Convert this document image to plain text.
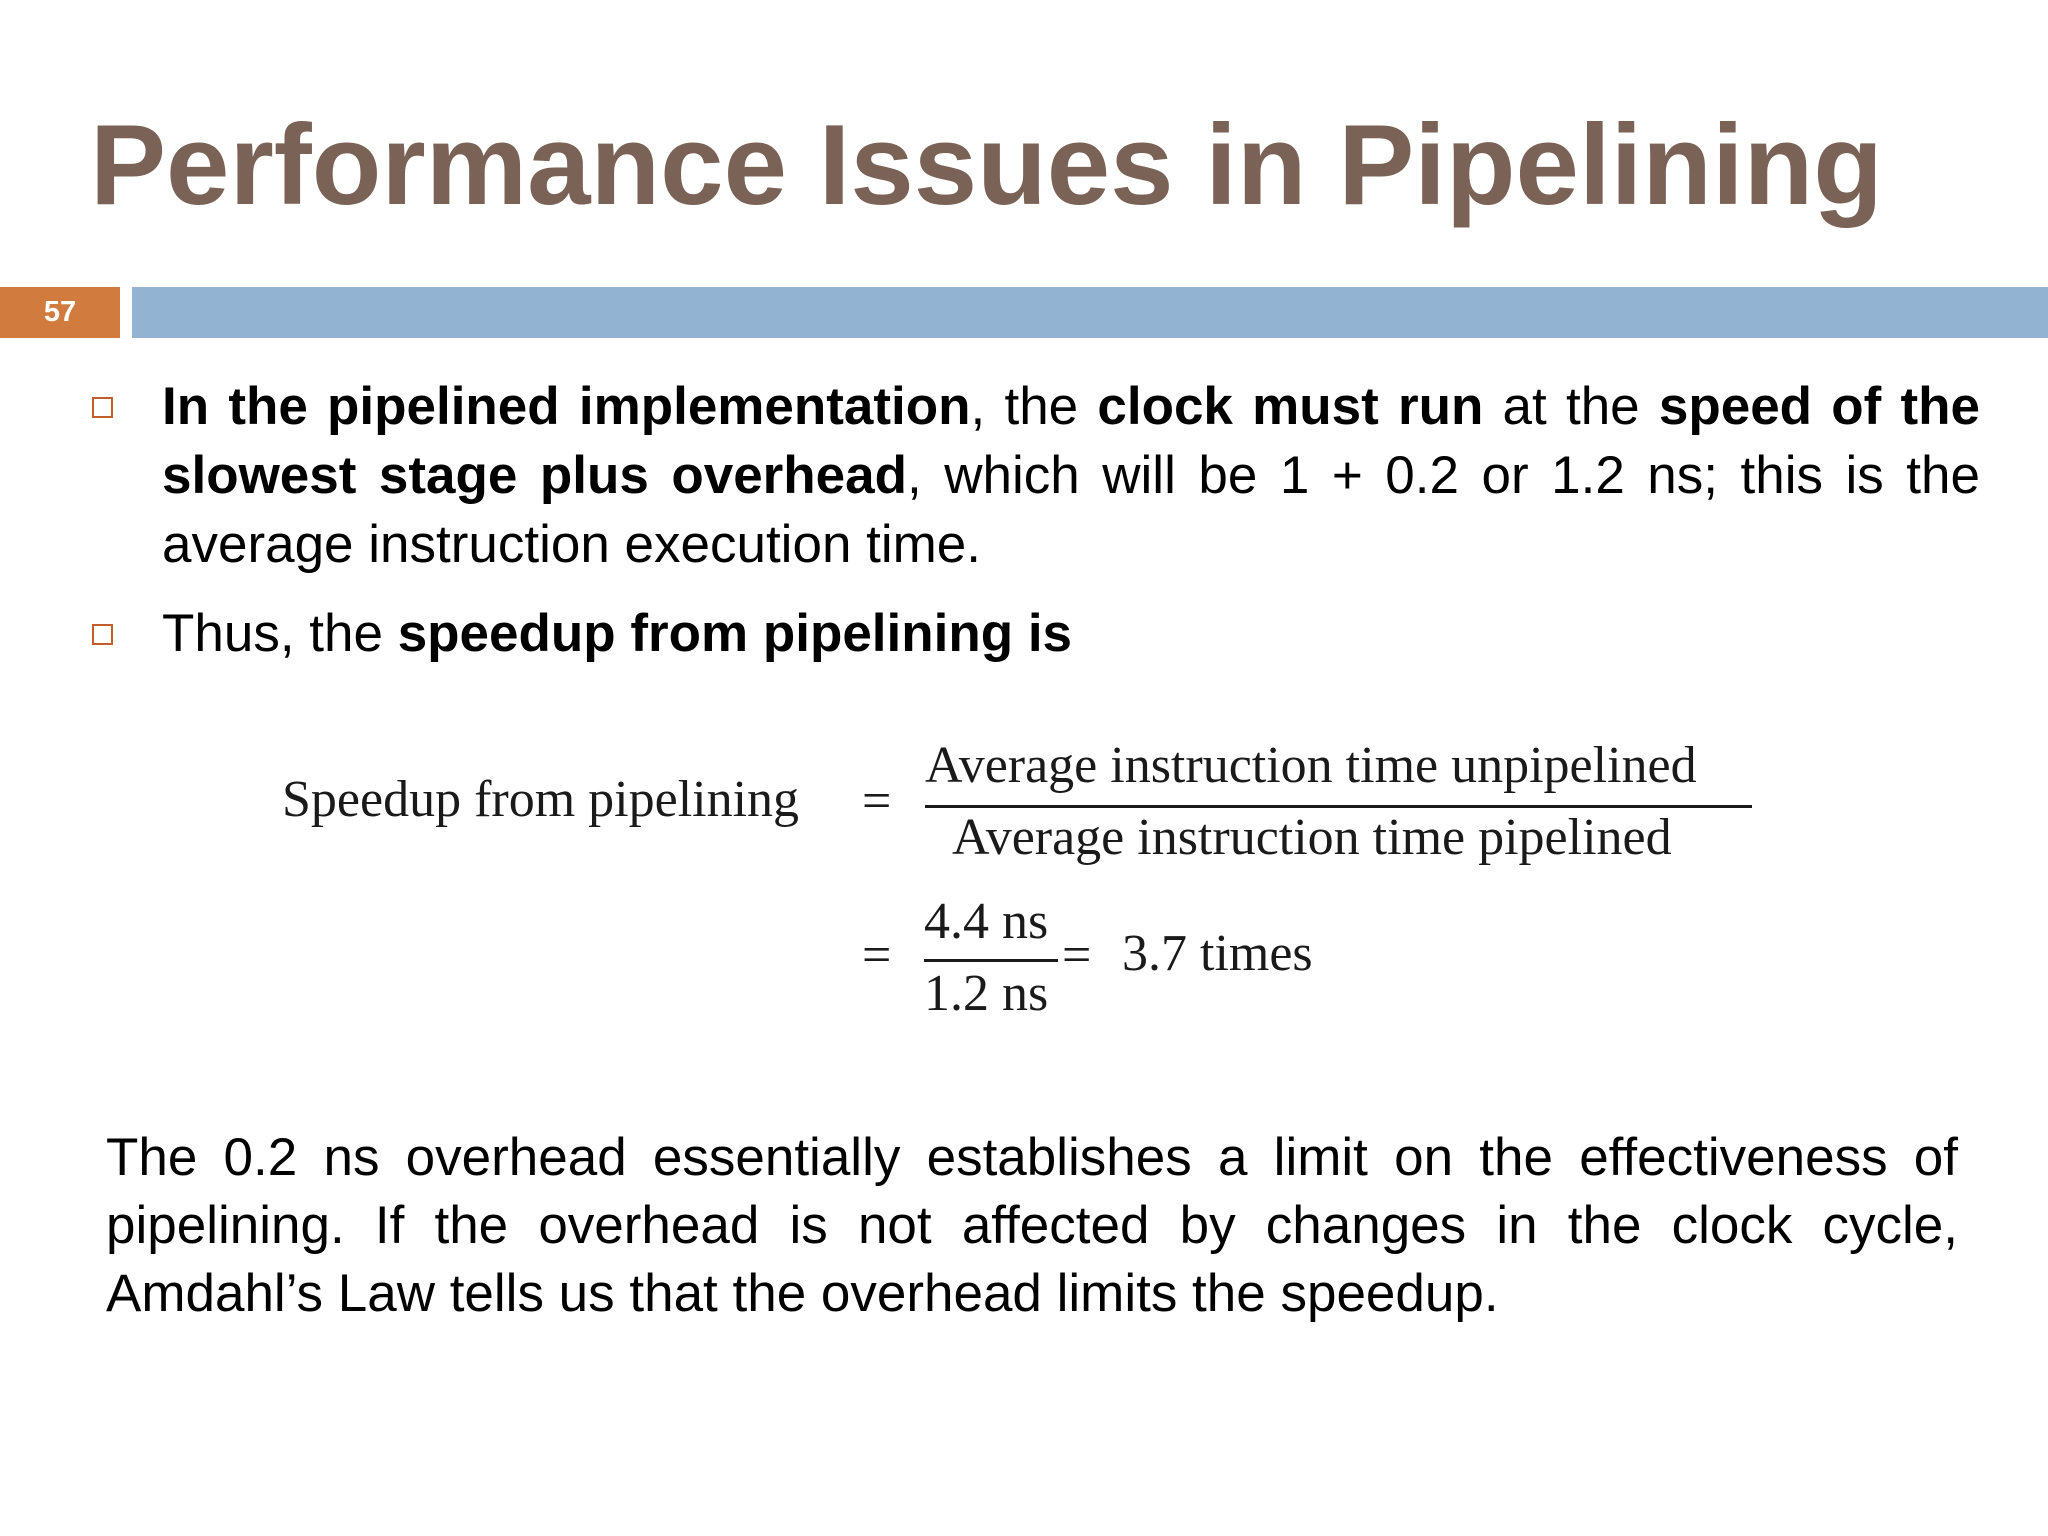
Performance Issues in Pipelining
57
In the pipelined implementation, the clock must run at the speed of the slowest stage plus overhead, which will be 1 + 0.2 or 1.2 ns; this is the average instruction execution time.
Thus, the speedup from pipelining is
Speedup from pipelining =
Average instruction time unpipelined
Average instruction time pipelined
=
4.4 ns
1.2 ns
= 3.7 times

The 0.2 ns overhead essentially establishes a limit on the effectiveness of pipelining. If the overhead is not affected by changes in the clock cycle, Amdahl’s Law tells us that the overhead limits the speedup.
